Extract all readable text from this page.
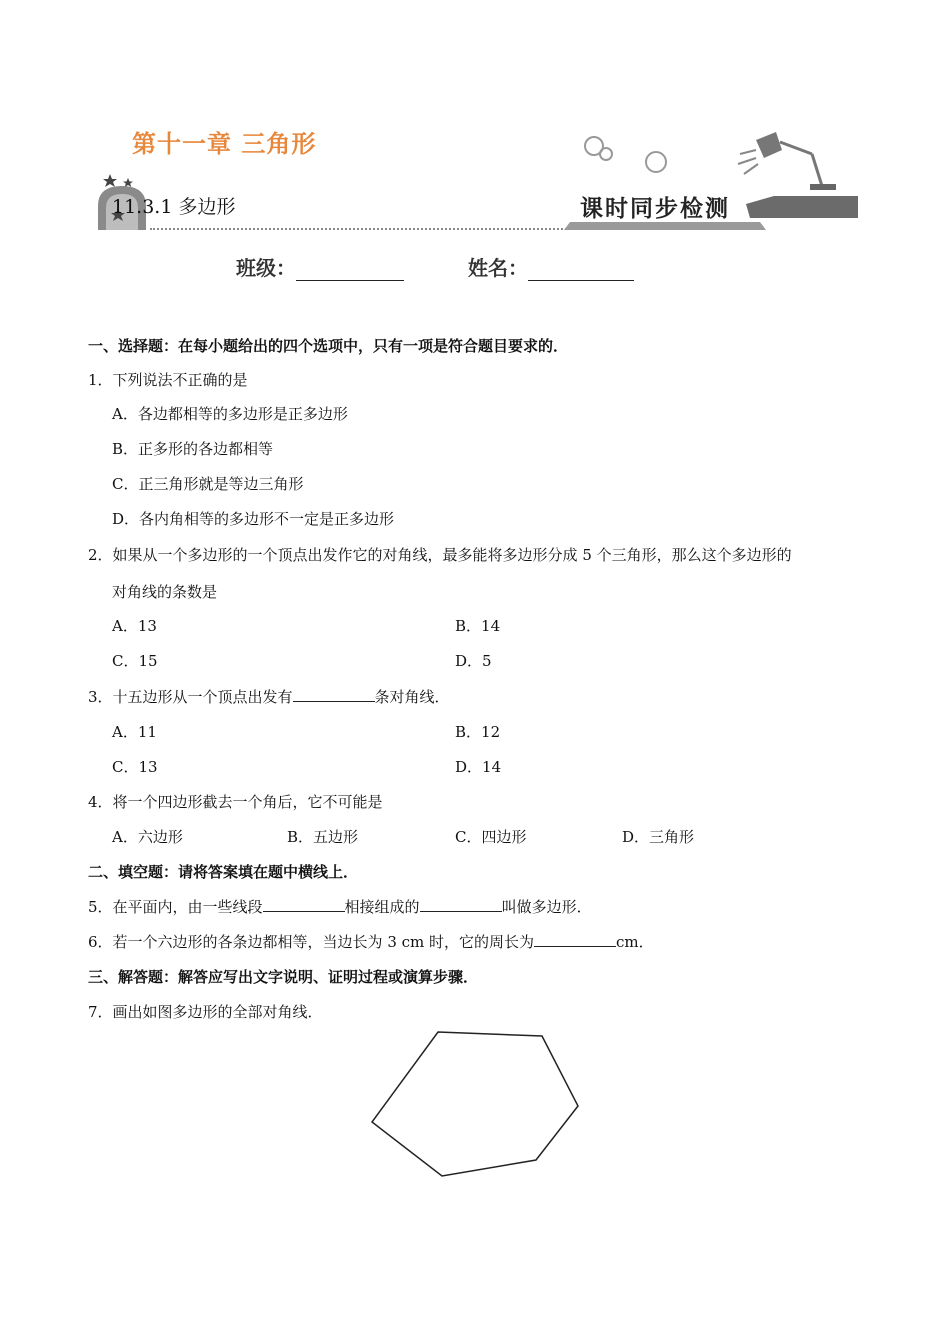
第十一章 三角形
11.3.1 多边形	课时同步检测
班级：	姓名：
一、选择题：在每小题给出的四个选项中，只有一项是符合题目要求的．
1．下列说法不正确的是
A．各边都相等的多边形是正多边形
B．正多形的各边都相等
C．正三角形就是等边三角形
D．各内角相等的多边形不一定是正多边形
2．如果从一个多边形的一个顶点出发作它的对角线，最多能将多边形分成 5 个三角形，那么这个多边形的
对角线的条数是
A．13	B．14
C．15	D．5
3．十五边形从一个顶点出发有	条对角线．
A．11	B．12
C．13	D．14
4．将一个四边形截去一个角后，它不可能是
A．六边形	B．五边形	C．四边形	D．三角形
二、填空题：请将答案填在题中横线上．
5．在平面内，由一些线段	相接组成的	叫做多边形．
6．若一个六边形的各条边都相等，当边长为 3 cm 时，它的周长为	cm．
三、解答题：解答应写出文字说明、证明过程或演算步骤．
7．画出如图多边形的全部对角线．
